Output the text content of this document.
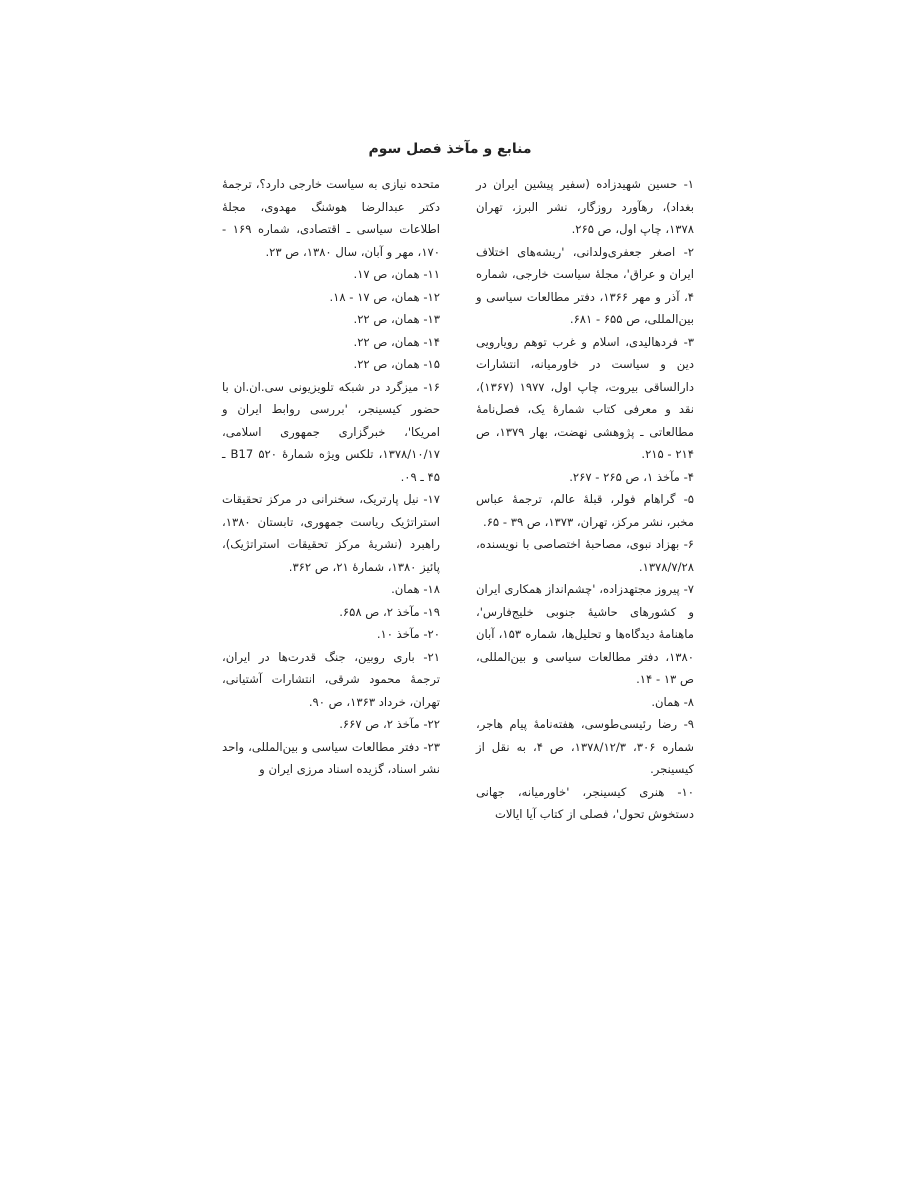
منابع و مآخذ فصل سوم

۱- حسین شهیدزاده (سفیر پیشین ایران در بغداد)، رهآورد روزگار، نشر البرز، تهران ۱۳۷۸، چاپ اول، ص ۲۶۵.

۲- اصغر جعفری‌ولدانی، 'ریشه‌های اختلاف ایران و عراق'، مجلهٔ سیاست خارجی، شماره ۴، آذر و مهر ۱۳۶۶، دفتر مطالعات سیاسی و بین‌المللی، ص ۶۵۵ - ۶۸۱.

۳- فردهالیدی، اسلام و غرب توهم رویارویی دین و سیاست در خاورمیانه، انتشارات دارالساقی بیروت، چاپ اول، ۱۹۷۷ (۱۳۶۷)، نقد و معرفی کتاب شمارهٔ یک، فصل‌نامهٔ مطالعاتی ـ پژوهشی نهضت، بهار ۱۳۷۹، ص ۲۱۴ - ۲۱۵.

۴- مآخذ ۱، ص ۲۶۵ - ۲۶۷.

۵- گراهام فولر، قبلهٔ عالم، ترجمهٔ عباس مخبر، نشر مرکز، تهران، ۱۳۷۳، ص ۳۹ - ۶۵.

۶- بهزاد نبوی، مصاحبهٔ اختصاصی با نویسنده، ۱۳۷۸/۷/۲۸.

۷- پیروز مجتهدزاده، 'چشم‌انداز همکاری ایران و کشورهای حاشیهٔ جنوبی خلیج‌فارس'، ماهنامهٔ دیدگاه‌ها و تحلیل‌ها، شماره ۱۵۳، آبان ۱۳۸۰، دفتر مطالعات سیاسی و بین‌المللی، ص ۱۳ - ۱۴.

۸- همان.

۹- رضا رئیسی‌طوسی، هفته‌نامهٔ پیام هاجر، شماره ۳۰۶، ۱۳۷۸/۱۲/۳، ص ۴، به نقل از کیسینجر.

۱۰- هنری کیسینجر، 'خاورمیانه، جهانی دستخوش تحول'، فصلی از کتاب آیا ایالات

متحده نیازی به سیاست خارجی دارد؟، ترجمهٔ دکتر عبدالرضا هوشنگ مهدوی، مجلهٔ اطلاعات سیاسی ـ اقتصادی، شماره ۱۶۹ - ۱۷۰، مهر و آبان، سال ۱۳۸۰، ص ۲۳.

۱۱- همان، ص ۱۷.

۱۲- همان، ص ۱۷ - ۱۸.

۱۳- همان، ص ۲۲.

۱۴- همان، ص ۲۲.

۱۵- همان، ص ۲۲.

۱۶- میزگرد در شبکه تلویزیونی سی.ان.ان با حضور کیسینجر، 'بررسی روابط ایران و امریکا'، خبرگزاری جمهوری اسلامی، ۱۳۷۸/۱۰/۱۷، تلکس ویژه شمارهٔ B17 ۵۲۰ ـ ۴۵ ـ ۰۹.

۱۷- نیل پارتریک، سخنرانی در مرکز تحقیقات استراتژیک ریاست جمهوری، تابستان ۱۳۸۰، راهبرد (نشریهٔ مرکز تحقیقات استراتژیک)، پائیز ۱۳۸۰، شمارهٔ ۲۱، ص ۳۶۲.

۱۸- همان.

۱۹- مآخذ ۲، ص ۶۵۸.

۲۰- مآخذ ۱۰.

۲۱- باری روبین، جنگ قدرت‌ها در ایران، ترجمهٔ محمود شرقی، انتشارات آشتیانی، تهران، خرداد ۱۳۶۳، ص ۹۰.

۲۲- مآخذ ۲، ص ۶۶۷.

۲۳- دفتر مطالعات سیاسی و بین‌المللی، واحد نشر اسناد، گزیده اسناد مرزی ایران و
